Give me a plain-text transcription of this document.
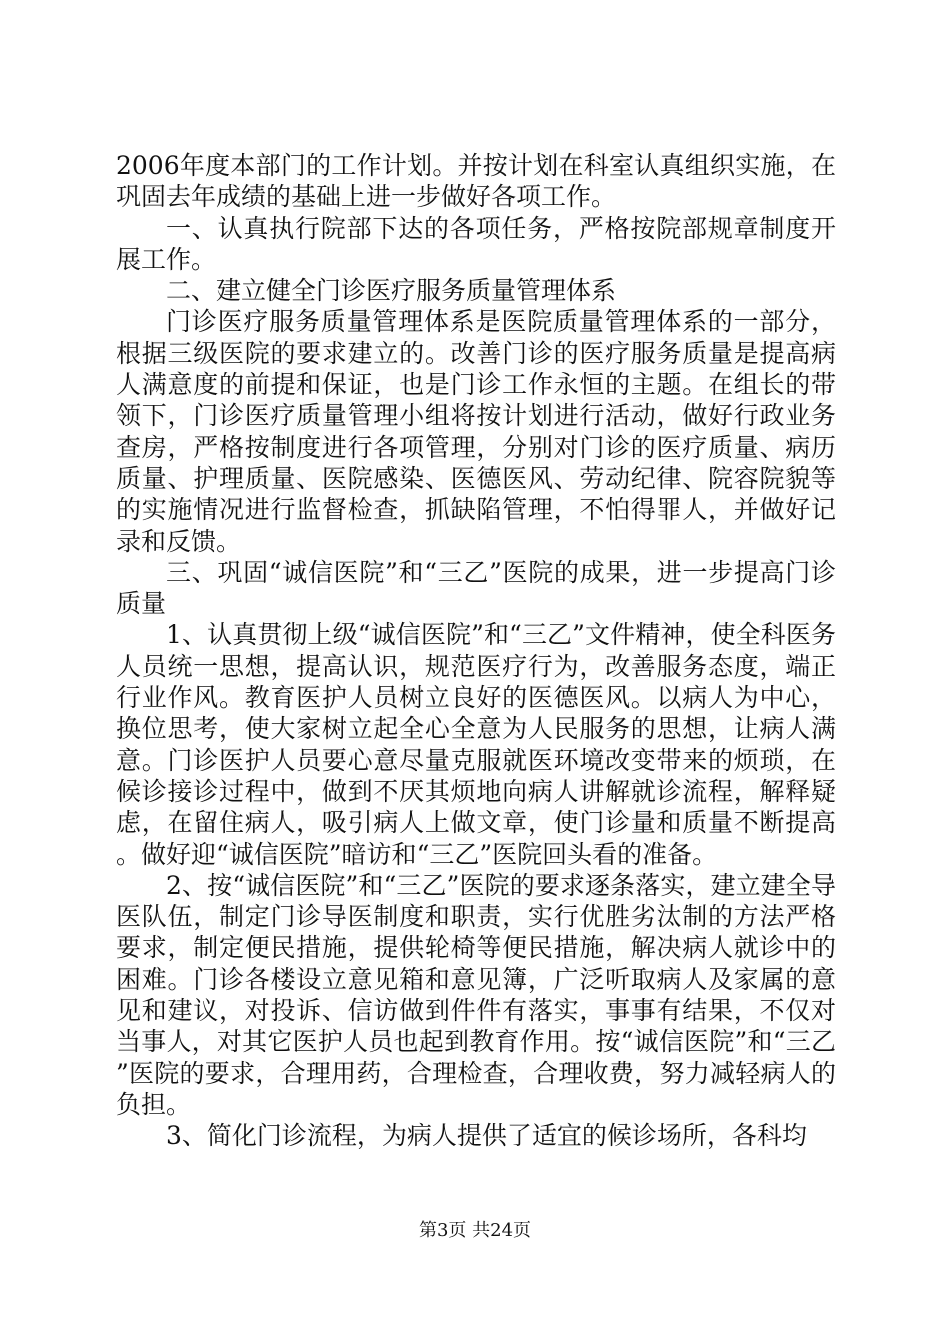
2006年度本部门的工作计划。并按计划在科室认真组织实施，在巩固去年成绩的基础上进一步做好各项工作。

一、认真执行院部下达的各项任务，严格按院部规章制度开展工作。

二、建立健全门诊医疗服务质量管理体系

门诊医疗服务质量管理体系是医院质量管理体系的一部分，根据三级医院的要求建立的。改善门诊的医疗服务质量是提高病人满意度的前提和保证，也是门诊工作永恒的主题。在组长的带领下，门诊医疗质量管理小组将按计划进行活动，做好行政业务查房，严格按制度进行各项管理，分别对门诊的医疗质量、病历质量、护理质量、医院感染、医德医风、劳动纪律、院容院貌等的实施情况进行监督检查，抓缺陷管理，不怕得罪人，并做好记录和反馈。

三、巩固“诚信医院”和“三乙”医院的成果，进一步提高门诊质量

1、认真贯彻上级“诚信医院”和“三乙”文件精神，使全科医务人员统一思想，提高认识，规范医疗行为，改善服务态度，端正行业作风。教育医护人员树立良好的医德医风。以病人为中心，换位思考，使大家树立起全心全意为人民服务的思想，让病人满意。门诊医护人员要心意尽量克服就医环境改变带来的烦琐，在候诊接诊过程中，做到不厌其烦地向病人讲解就诊流程，解释疑虑，在留住病人，吸引病人上做文章，使门诊量和质量不断提高。做好迎“诚信医院”暗访和“三乙”医院回头看的准备。

2、按“诚信医院”和“三乙”医院的要求逐条落实，建立建全导医队伍，制定门诊导医制度和职责，实行优胜劣汰制的方法严格要求，制定便民措施，提供轮椅等便民措施，解决病人就诊中的困难。门诊各楼设立意见箱和意见簿，广泛听取病人及家属的意见和建议，对投诉、信访做到件件有落实，事事有结果，不仅对当事人，对其它医护人员也起到教育作用。按“诚信医院”和“三乙”医院的要求，合理用药，合理检查，合理收费，努力减轻病人的负担。

3、简化门诊流程，为病人提供了适宜的候诊场所，各科均

第3页 共24页
